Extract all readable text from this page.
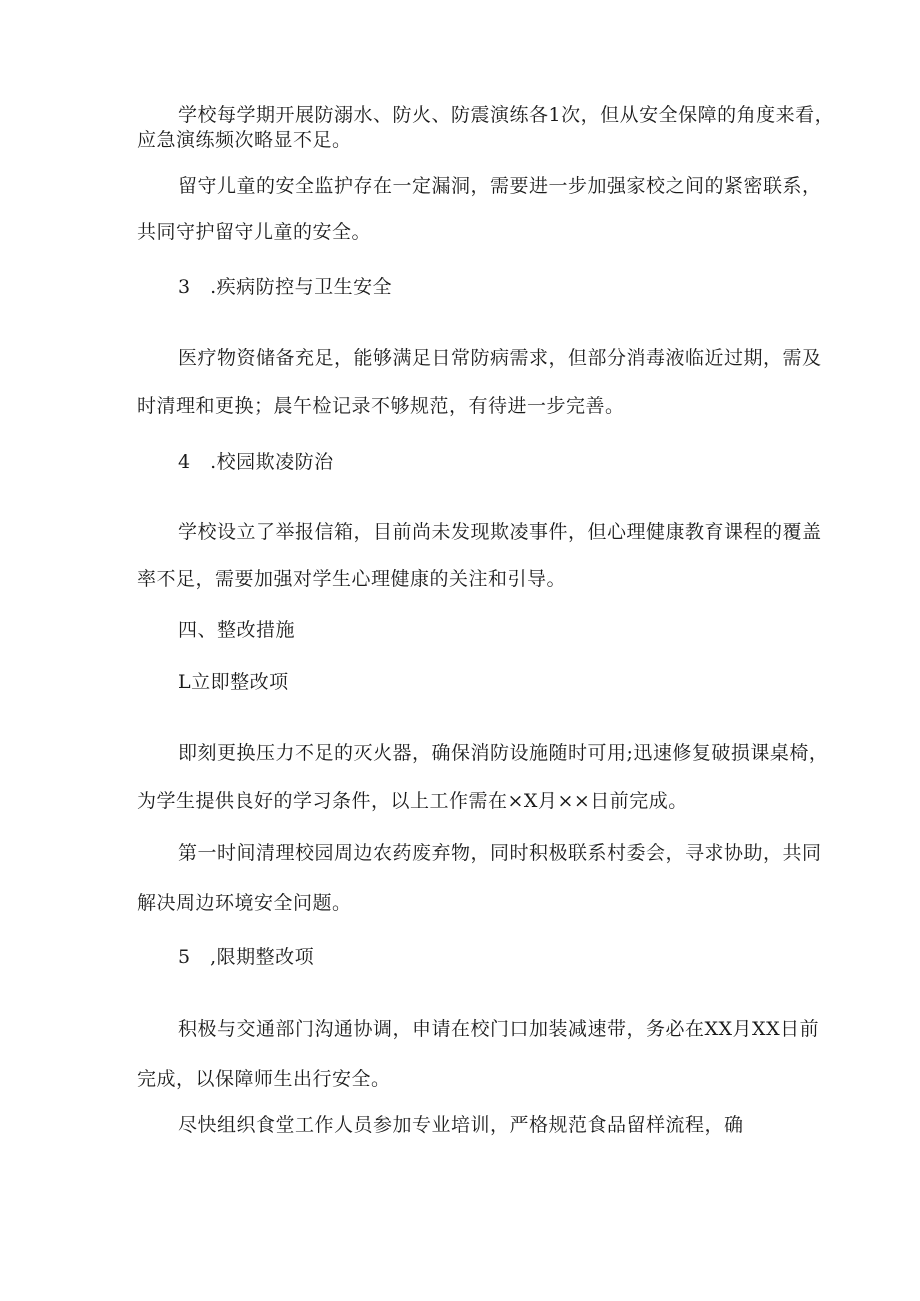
学校每学期开展防溺水、防火、防震演练各1次，但从安全保障的角度来看，
应急演练频次略显不足。
留守儿童的安全监护存在一定漏洞，需要进一步加强家校之间的紧密联系，
共同守护留守儿童的安全。
3　.疾病防控与卫生安全
医疗物资储备充足，能够满足日常防病需求，但部分消毒液临近过期，需及
时清理和更换；晨午检记录不够规范，有待进一步完善。
4　.校园欺凌防治
学校设立了举报信箱，目前尚未发现欺凌事件，但心理健康教育课程的覆盖
率不足，需要加强对学生心理健康的关注和引导。
四、整改措施
L立即整改项
即刻更换压力不足的灭火器，确保消防设施随时可用;迅速修复破损课桌椅，
为学生提供良好的学习条件，以上工作需在×X月××日前完成。
第一时间清理校园周边农药废弃物，同时积极联系村委会，寻求协助，共同
解决周边环境安全问题。
5　,限期整改项
积极与交通部门沟通协调，申请在校门口加装减速带，务必在XX月XX日前
完成，以保障师生出行安全。
尽快组织食堂工作人员参加专业培训，严格规范食品留样流程，确
